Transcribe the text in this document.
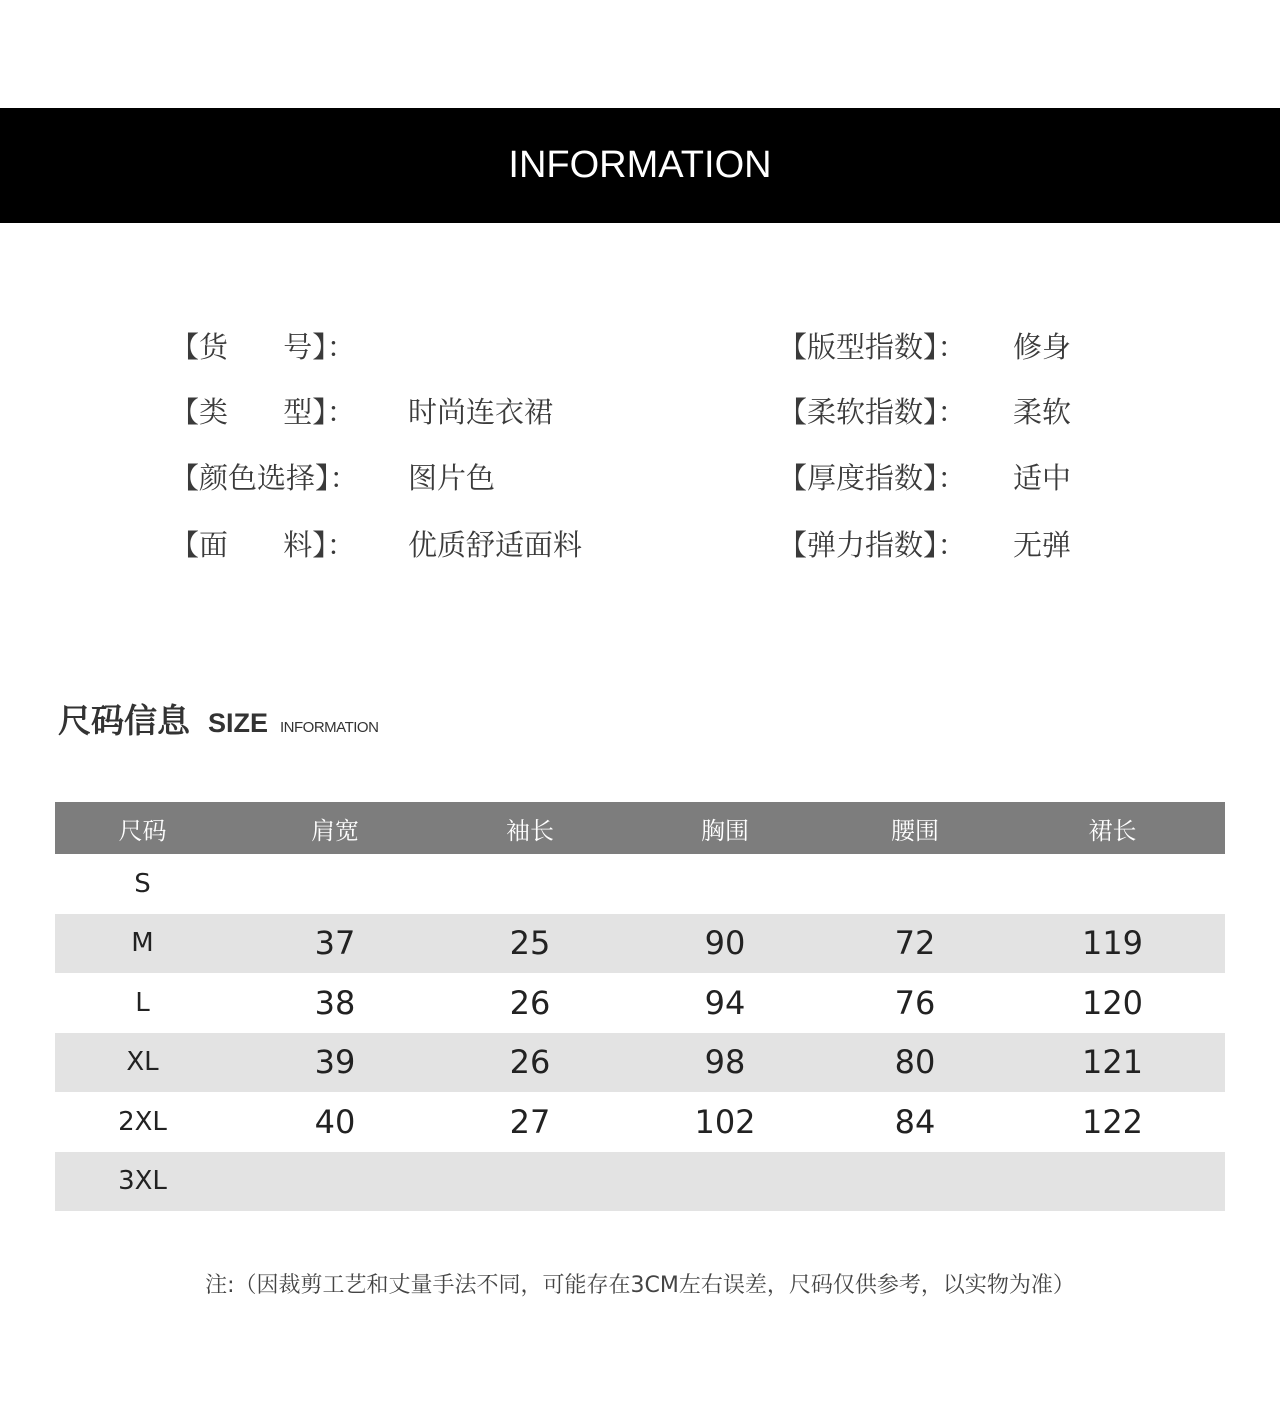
INFORMATION
【货      号】：	【版型指数】： 修身
【类      型】： 时尚连衣裙	【柔软指数】： 柔软
【颜色选择】： 图片色	【厚度指数】： 适中
【面      料】： 优质舒适面料	【弹力指数】： 无弹
尺码信息 SIZE INFORMATION
尺码	肩宽	袖长	胸围	腰围	裙长
S
M	37	25	90	72	119
L	38	26	94	76	120
XL	39	26	98	80	121
2XL	40	27	102	84	122
3XL
注:（因裁剪工艺和丈量手法不同，可能存在3CM左右误差，尺码仅供参考，以实物为准）
